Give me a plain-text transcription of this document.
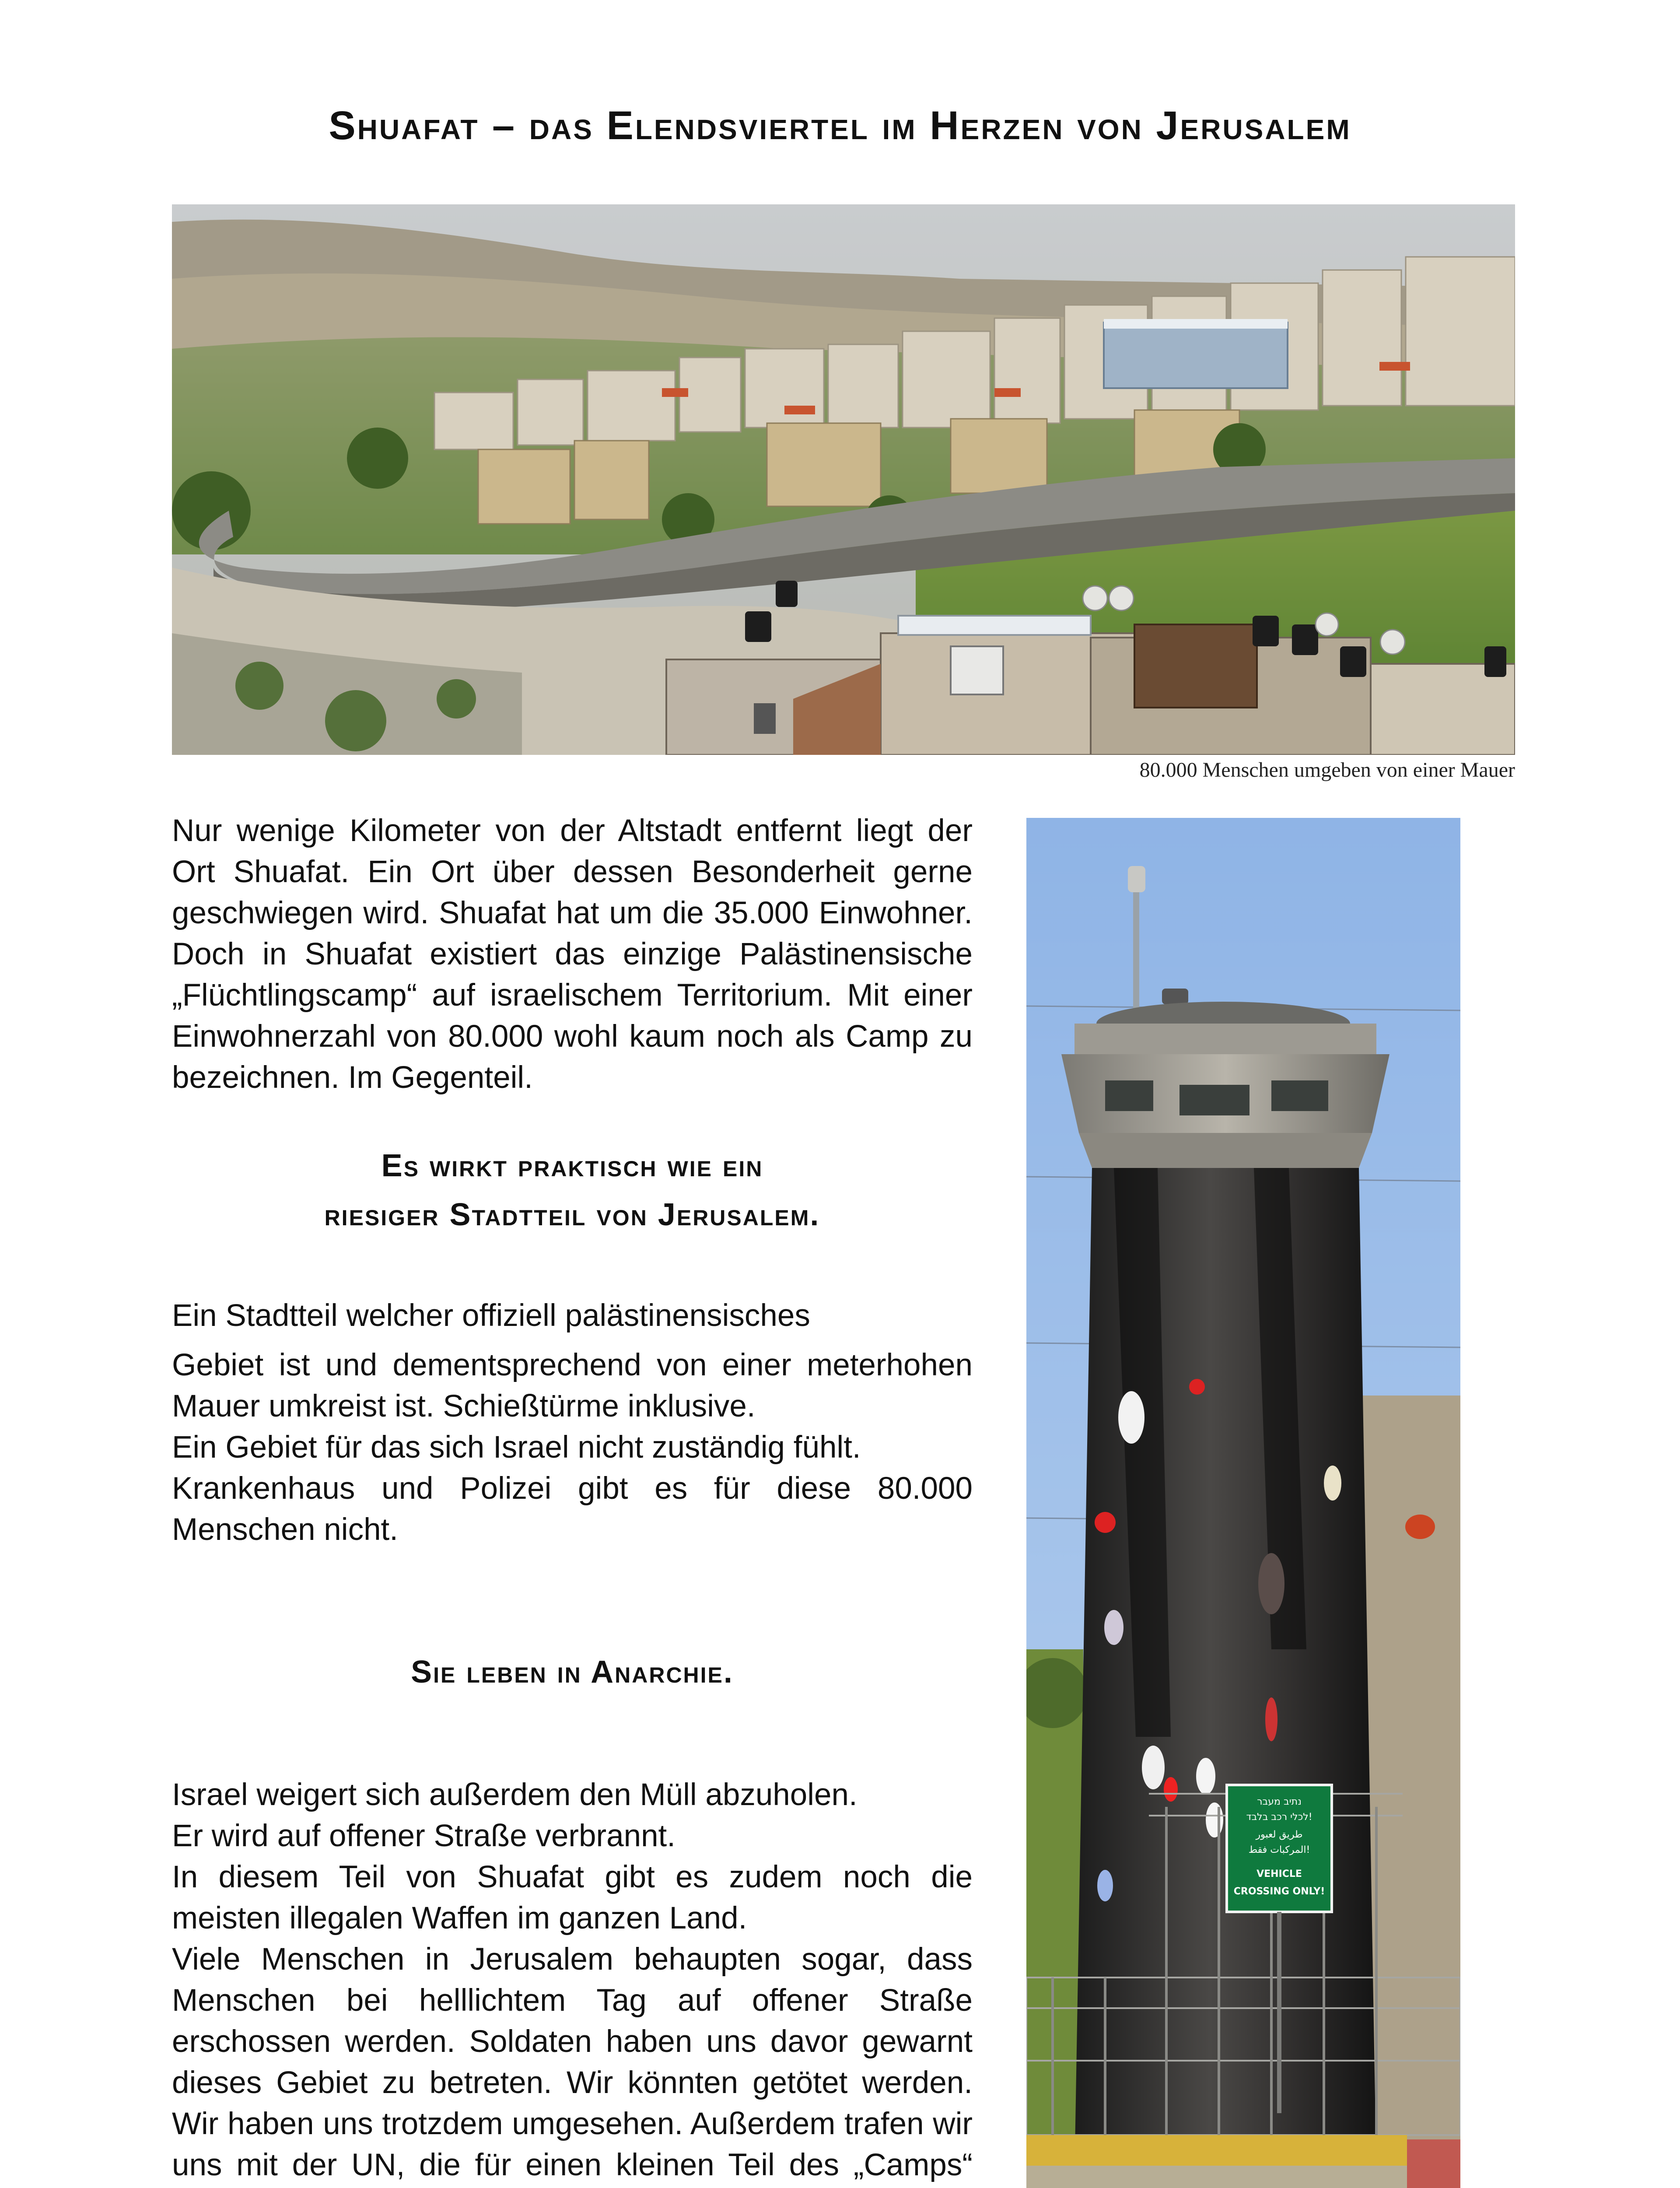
Shuafat – das Elendsviertel im Herzen von Jerusalem
80.000 Menschen umgeben von einer Mauer
נתיב מעבר
לכלי רכב בלבד!
طريق لعبور
المركبات فقط!
VEHICLE
CROSSING ONLY!

Nur wenige Kilometer von der Altstadt entfernt liegt der Ort Shuafat. Ein Ort über dessen Besonderheit gerne geschwiegen wird. Shuafat hat um die 35.000 Einwohner. Doch in Shuafat existiert das einzige Palästinensische „Flüchtlingscamp“ auf israelischem Territorium. Mit einer Einwohnerzahl von 80.000 wohl kaum noch als Camp zu bezeichnen. Im Gegenteil.

Es wirkt praktisch wie ein
riesiger Stadtteil von Jerusalem.

Ein Stadtteil welcher offiziell palästinensisches

Gebiet ist und dementsprechend von einer meterhohen Mauer umkreist ist. Schießtürme inklusive.

Ein Gebiet für das sich Israel nicht zuständig fühlt.

Krankenhaus und Polizei gibt es für diese 80.000 Menschen nicht.

Sie leben in Anarchie.

Israel weigert sich außerdem den Müll abzuholen.

Er wird auf offener Straße verbrannt.

In diesem Teil von Shuafat gibt es zudem noch die meisten illegalen Waffen im ganzen Land.

Viele Menschen in Jerusalem behaupten sogar, dass Menschen bei helllichtem Tag auf offener Straße erschossen werden. Soldaten haben uns davor gewarnt dieses Gebiet zu betreten. Wir könnten getötet werden. Wir haben uns trotzdem umgesehen. Außerdem trafen wir uns mit der UN, die für einen kleinen Teil des „Camps“
